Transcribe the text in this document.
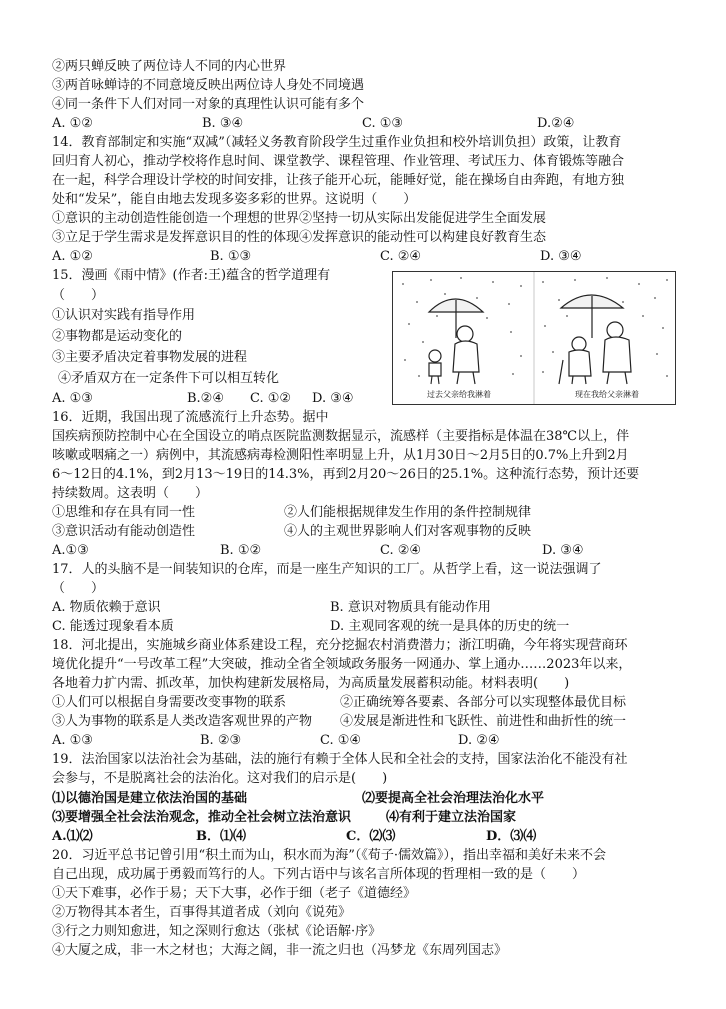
②两只蝉反映了两位诗人不同的内心世界
③两首咏蝉诗的不同意境反映出两位诗人身处不同境遇
④同一条件下人们对同一对象的真理性认识可能有多个
A. ①②	B. ③④	C. ①③	D.②④
14．教育部制定和实施“双减”（减轻义务教育阶段学生过重作业负担和校外培训负担）政策，让教育
回归育人初心，推动学校将作息时间、课堂教学、课程管理、作业管理、考试压力、体育锻炼等融合
在一起，科学合理设计学校的时间安排，让孩子能开心玩，能睡好觉，能在操场自由奔跑，有地方独
处和“发呆”，能自由地去发现多姿多彩的世界。这说明（　　）
①意识的主动创造性能创造一个理想的世界②坚持一切从实际出发能促进学生全面发展
③立足于学生需求是发挥意识目的性的体现④发挥意识的能动性可以构建良好教育生态
A. ①②	B. ①③	C. ②④	D. ③④
15．漫画《雨中情》(作者:王)蕴含的哲学道理有
（　　）
①认识对实践有指导作用
②事物都是运动变化的
③主要矛盾决定着事物发展的进程
④矛盾双方在一定条件下可以相互转化
A. ①③	B.②④ C. ①② D. ③④	过去父亲给我淋着	现在我给父亲淋着
16．近期，我国出现了流感流行上升态势。据中
国疾病预防控制中心在全国设立的哨点医院监测数据显示，流感样（主要指标是体温在38℃以上，伴
咳嗽或咽痛之一）病例中，其流感病毒检测阳性率明显上升，从1月30日～2月5日的0.7%上升到2月
6～12日的4.1%，到2月13～19日的14.3%，再到2月20～26日的25.1%。这种流行态势，预计还要
持续数周。这表明（　　）
①思维和存在具有同一性	②人们能根据规律发生作用的条件控制规律
③意识活动有能动创造性	④人的主观世界影响人们对客观事物的反映
A.①③	B. ①②	C. ②④	D. ③④
17．人的头脑不是一间装知识的仓库，而是一座生产知识的工厂。从哲学上看，这一说法强调了
（　　）
A. 物质依赖于意识	B. 意识对物质具有能动作用
C. 能透过现象看本质	D. 主观同客观的统一是具体的历史的统一
18．河北提出，实施城乡商业体系建设工程，充分挖掘农村消费潜力；浙江明确，今年将实现营商环
境优化提升“一号改革工程”大突破，推动全省全领域政务服务一网通办、掌上通办……2023年以来，
各地着力扩内需、抓改革，加快构建新发展格局，为高质量发展蓄积动能。材料表明(　　)
①人们可以根据自身需要改变事物的联系	②正确统筹各要素、各部分可以实现整体最优目标
③人为事物的联系是人类改造客观世界的产物 ④发展是渐进性和飞跃性、前进性和曲折性的统一
A. ①③	B. ②③	C. ①④	D. ②④
19．法治国家以法治社会为基础，法的施行有赖于全体人民和全社会的支持，国家法治化不能没有社
会参与，不是脱离社会的法治化。这对我们的启示是(　　)
⑴以德治国是建立依法治国的基础	⑵要提高全社会治理法治化水平
⑶要增强全社会法治观念，推动全社会树立法治意识	⑷有利于建立法治国家
A.⑴⑵	B．⑴⑷	C．⑵⑶	D．⑶⑷
20．习近平总书记曾引用“积土而为山，积水而为海”（《荀子·儒效篇》），指出幸福和美好未来不会
自己出现，成功属于勇毅而笃行的人。下列古语中与该名言所体现的哲理相一致的是（　　）
①天下难事，必作于易；天下大事，必作于细（老子《道德经》
②万物得其本者生，百事得其道者成（刘向《说苑》
③行之力则知愈进，知之深则行愈达（张栻《论语解·序》
④大厦之成，非一木之材也；大海之阔，非一流之归也（冯梦龙《东周列国志》
